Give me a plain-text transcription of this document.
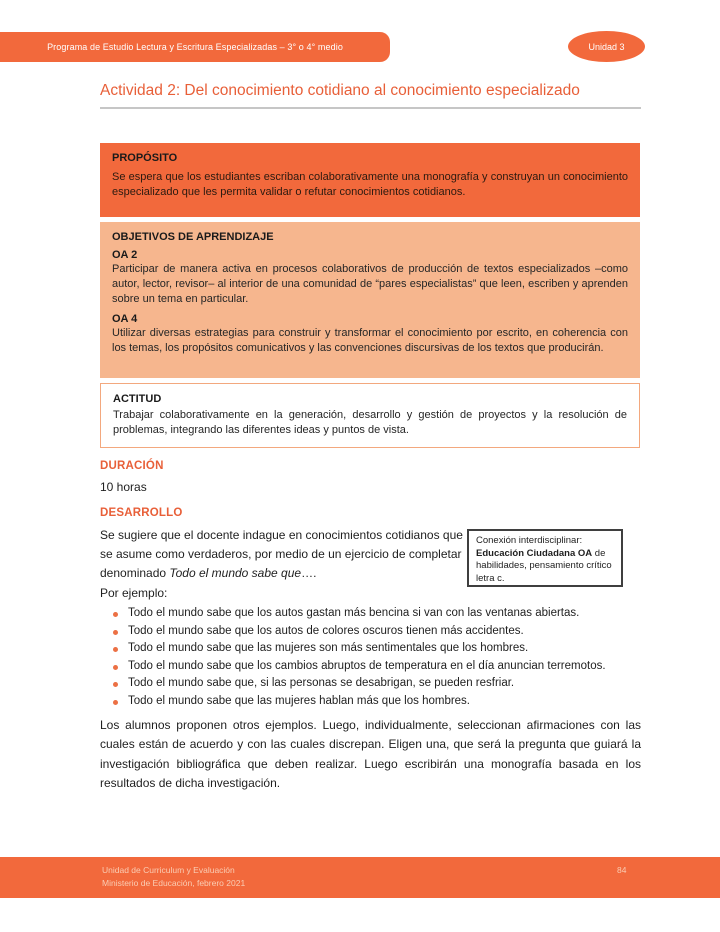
Programa de Estudio Lectura y Escritura Especializadas – 3° o 4° medio	Unidad 3
Actividad 2: Del conocimiento cotidiano al conocimiento especializado
PROPÓSITO

Se espera que los estudiantes escriban colaborativamente una monografía y construyan un conocimiento especializado que les permita validar o refutar conocimientos cotidianos.

OBJETIVOS DE APRENDIZAJE
OA 2

Participar de manera activa en procesos colaborativos de producción de textos especializados –como autor, lector, revisor– al interior de una comunidad de “pares especialistas” que leen, escriben y aprenden sobre un tema en particular.

OA 4

Utilizar diversas estrategias para construir y transformar el conocimiento por escrito, en coherencia con los temas, los propósitos comunicativos y las convenciones discursivas de los textos que producirán.

ACTITUD

Trabajar colaborativamente en la generación, desarrollo y gestión de proyectos y la resolución de problemas, integrando las diferentes ideas y puntos de vista.

DURACIÓN

10 horas

DESARROLLO

Se sugiere que el docente indague en conocimientos cotidianos que se asume como verdaderos, por medio de un ejercicio de completar denominado Todo el mundo sabe que….

Conexión interdisciplinar:
Educación Ciudadana OA de habilidades, pensamiento crítico letra c.

Por ejemplo:

Todo el mundo sabe que los autos gastan más bencina si van con las ventanas abiertas.
Todo el mundo sabe que los autos de colores oscuros tienen más accidentes.
Todo el mundo sabe que las mujeres son más sentimentales que los hombres.
Todo el mundo sabe que los cambios abruptos de temperatura en el día anuncian terremotos.
Todo el mundo sabe que, si las personas se desabrigan, se pueden resfriar.
Todo el mundo sabe que las mujeres hablan más que los hombres.

Los alumnos proponen otros ejemplos. Luego, individualmente, seleccionan afirmaciones con las cuales están de acuerdo y con las cuales discrepan. Eligen una, que será la pregunta que guiará la investigación bibliográfica que deben realizar. Luego escribirán una monografía basada en los resultados de dicha investigación.

Unidad de Curriculum y Evaluación
Ministerio de Educación, febrero 2021
84
